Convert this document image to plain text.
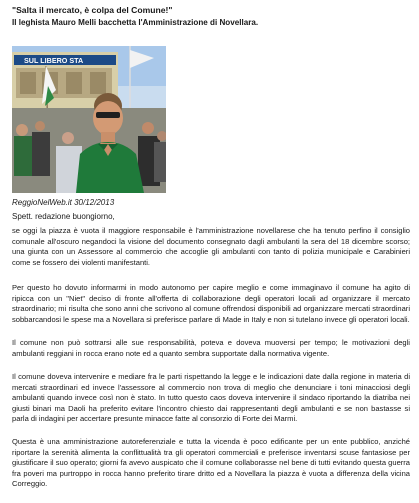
"Salta il mercato, è colpa del Comune!"
Il leghista Mauro Melli bacchetta l'Amministrazione di Novellara.
SUL LIBERO STA
ReggioNelWeb.it 30/12/2013
Spett. redazione buongiorno,

se oggi la piazza è vuota il maggiore responsabile è l'amministrazione novellarese che ha tenuto perfino il consiglio comunale all'oscuro negandoci la visione del documento consegnato dagli ambulanti la sera del 18 dicembre scorso; una giunta con un Assessore al commercio che accoglie gli ambulanti con tanto di polizia municipale e Carabinieri come se fossero dei violenti manifestanti.

Per questo ho dovuto informarmi in modo autonomo per capire meglio e come immaginavo il comune ha agito di ripicca con un "Niet" deciso di fronte all'offerta di collaborazione degli operatori locali ad organizzare il mercato straordinario; mi risulta che sono anni che scrivono al comune offrendosi disponibili ad organizzare mercati straordinari sobbarcandosi le spese ma a Novellara si preferisce parlare di Made in Italy e non si tutelano invece gli operatori locali.

Il comune non può sottrarsi alle sue responsabilità, poteva e doveva muoversi per tempo; le motivazioni degli ambulanti reggiani in rocca erano note ed a quanto sembra supportate dalla normativa vigente.

Il comune doveva intervenire e mediare fra le parti rispettando la legge e le indicazioni date dalla regione in materia di mercati straordinari ed invece l'assessore al commercio non trova di meglio che denunciare i toni minacciosi degli ambulanti quando invece così non è stato. In tutto questo caos doveva intervenire il sindaco riportando la diatriba nei giusti binari ma Daoli ha preferito evitare l'incontro chiesto dai rappresentanti degli ambulanti e se non bastasse si parla di indagini per accertare presunte minacce fatte al consorzio di Forte dei Marmi.

Questa è una amministrazione autoreferenziale e tutta la vicenda è poco edificante per un ente pubblico, anziché riportare la serenità alimenta la conflittualità tra gli operatori commerciali e preferisce inventarsi scuse fantasiose per giustificare il suo operato; giorni fa avevo auspicato che il comune collaborasse nel bene di tutti evitando questa guerra fra poveri ma purtroppo in rocca hanno preferito tirare dritto ed a Novellara la piazza è vuota a differenza della vicina Correggio.
